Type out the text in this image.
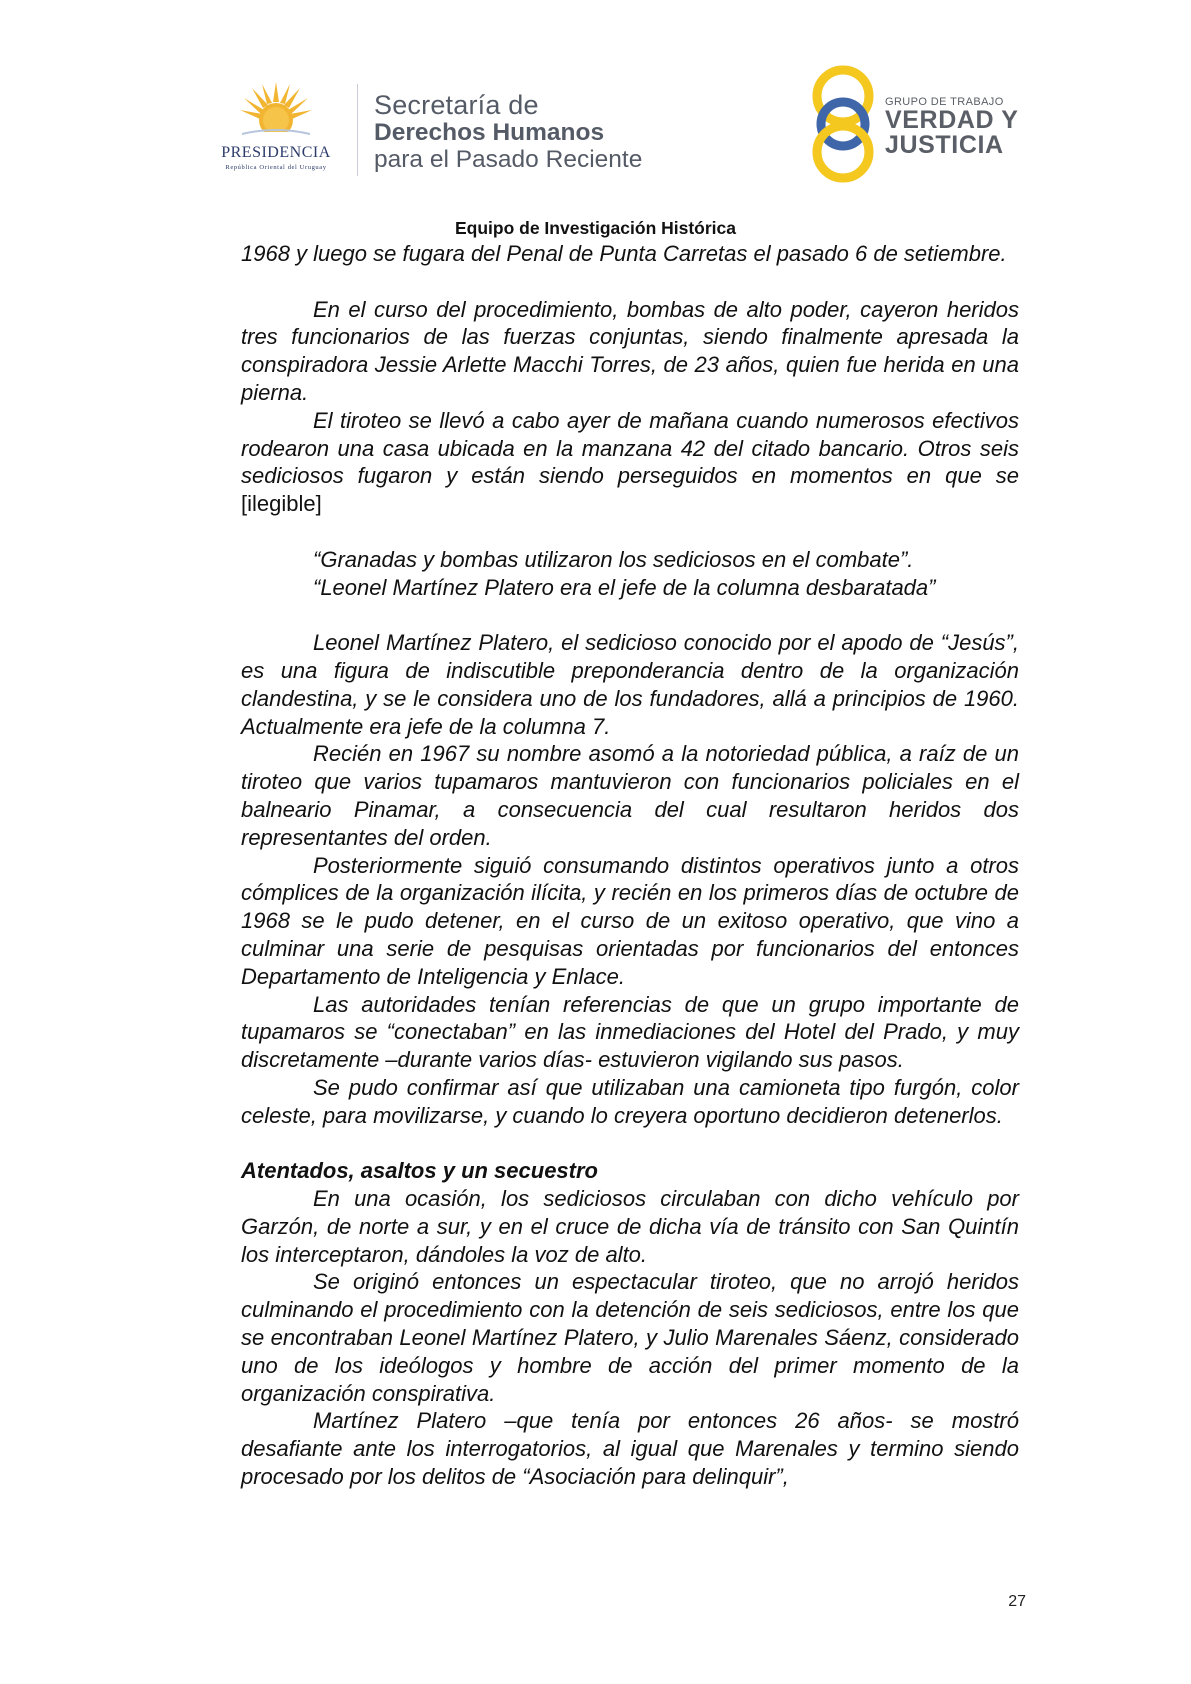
PRESIDENCIA
República Oriental del Uruguay
Secretaría de
Derechos Humanos
para el Pasado Reciente
GRUPO DE TRABAJO
VERDAD Y
JUSTICIA
Equipo de Investigación Histórica

1968 y luego se fugara del Penal de Punta Carretas el pasado 6 de setiembre.

En el curso del procedimiento, bombas de alto poder, cayeron heridos tres funcionarios de las fuerzas conjuntas, siendo finalmente apresada la conspiradora Jessie Arlette Macchi Torres, de 23 años, quien fue herida en una pierna.

El tiroteo se llevó a cabo ayer de mañana cuando numerosos efectivos rodearon una casa ubicada en la manzana 42 del citado bancario. Otros seis sediciosos fugaron y están siendo perseguidos en momentos en que se [ilegible]

“Granadas y bombas utilizaron los sediciosos en el combate”.

“Leonel Martínez Platero era el jefe de la columna desbaratada”

Leonel Martínez Platero, el sedicioso conocido por el apodo de “Jesús”, es una figura de indiscutible preponderancia dentro de la organización clandestina, y se le considera uno de los fundadores, allá a principios de 1960. Actualmente era jefe de la columna 7.

Recién en 1967 su nombre asomó a la notoriedad pública, a raíz de un tiroteo que varios tupamaros mantuvieron con funcionarios policiales en el balneario Pinamar, a consecuencia del cual resultaron heridos dos representantes del orden.

Posteriormente siguió consumando distintos operativos junto a otros cómplices de la organización ilícita, y recién en los primeros días de octubre de 1968 se le pudo detener, en el curso de un exitoso operativo, que vino a culminar una serie de pesquisas orientadas por funcionarios del entonces Departamento de Inteligencia y Enlace.

Las autoridades tenían referencias de que un grupo importante de tupamaros se “conectaban” en las inmediaciones del Hotel del Prado, y muy discretamente –durante varios días- estuvieron vigilando sus pasos.

Se pudo confirmar así que utilizaban una camioneta tipo furgón, color celeste, para movilizarse, y cuando lo creyera oportuno decidieron detenerlos.

Atentados, asaltos y un secuestro

En una ocasión, los sediciosos circulaban con dicho vehículo por Garzón, de norte a sur, y en el cruce de dicha vía de tránsito con San Quintín los interceptaron, dándoles la voz de alto.

Se originó entonces un espectacular tiroteo, que no arrojó heridos culminando el procedimiento con la detención de seis sediciosos, entre los que se encontraban Leonel Martínez Platero, y Julio Marenales Sáenz, considerado uno de los ideólogos y hombre de acción del primer momento de la organización conspirativa.

Martínez Platero –que tenía por entonces 26 años- se mostró desafiante ante los interrogatorios, al igual que Marenales y termino siendo procesado por los delitos de “Asociación para delinquir”,

27
